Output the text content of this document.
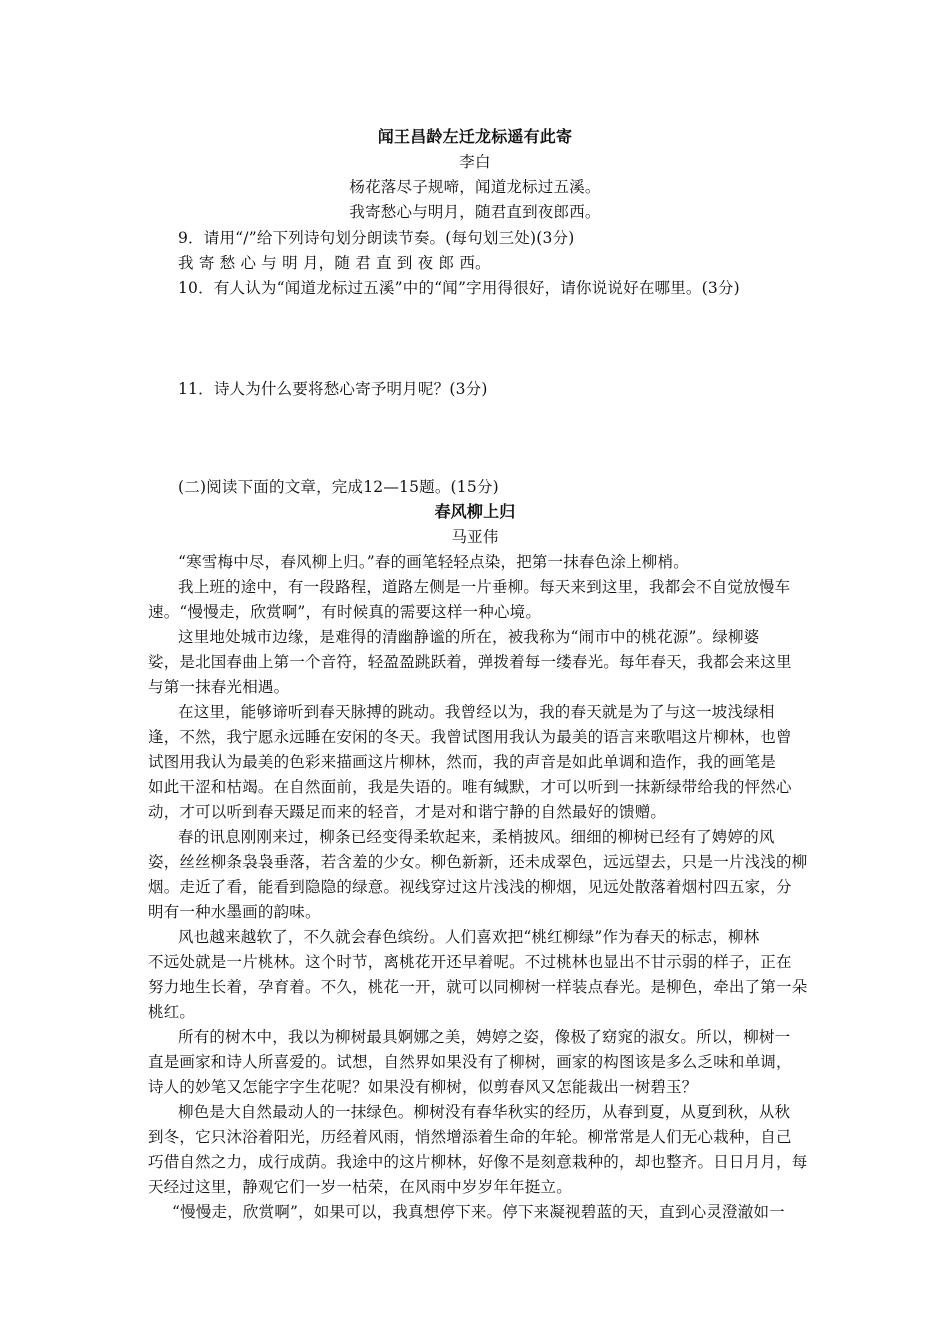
闻王昌龄左迁龙标遥有此寄
李白
杨花落尽子规啼，闻道龙标过五溪。
我寄愁心与明月，随君直到夜郎西。
9．请用“/”给下列诗句划分朗读节奏。(每句划三处)(3分)
我 寄 愁 心 与 明 月，随 君 直 到 夜 郎 西。
10．有人认为“闻道龙标过五溪”中的“闻”字用得很好，请你说说好在哪里。(3分)
11．诗人为什么要将愁心寄予明月呢？(3分)
(二)阅读下面的文章，完成12—15题。(15分)
春风柳上归
马亚伟
“寒雪梅中尽，春风柳上归。”春的画笔轻轻点染，把第一抹春色涂上柳梢。
我上班的途中，有一段路程，道路左侧是一片垂柳。每天来到这里，我都会不自觉放慢车
速。“慢慢走，欣赏啊”，有时候真的需要这样一种心境。
这里地处城市边缘，是难得的清幽静谧的所在，被我称为“闹市中的桃花源”。绿柳婆
娑，是北国春曲上第一个音符，轻盈盈跳跃着，弹拨着每一缕春光。每年春天，我都会来这里
与第一抹春光相遇。
在这里，能够谛听到春天脉搏的跳动。我曾经以为，我的春天就是为了与这一坡浅绿相
逢，不然，我宁愿永远睡在安闲的冬天。我曾试图用我认为最美的语言来歌唱这片柳林，也曾
试图用我认为最美的色彩来描画这片柳林，然而，我的声音是如此单调和造作，我的画笔是
如此干涩和枯竭。在自然面前，我是失语的。唯有缄默，才可以听到一抹新绿带给我的怦然心
动，才可以听到春天蹑足而来的轻音，才是对和谐宁静的自然最好的馈赠。
春的讯息刚刚来过，柳条已经变得柔软起来，柔梢披风。细细的柳树已经有了娉婷的风
姿，丝丝柳条袅袅垂落，若含羞的少女。柳色新新，还未成翠色，远远望去，只是一片浅浅的柳
烟。走近了看，能看到隐隐的绿意。视线穿过这片浅浅的柳烟，见远处散落着烟村四五家，分
明有一种水墨画的韵味。
风也越来越软了，不久就会春色缤纷。人们喜欢把“桃红柳绿”作为春天的标志，柳林
不远处就是一片桃林。这个时节，离桃花开还早着呢。不过桃林也显出不甘示弱的样子，正在
努力地生长着，孕育着。不久，桃花一开，就可以同柳树一样装点春光。是柳色，牵出了第一朵
桃红。
所有的树木中，我以为柳树最具婀娜之美，娉婷之姿，像极了窈窕的淑女。所以，柳树一
直是画家和诗人所喜爱的。试想，自然界如果没有了柳树，画家的构图该是多么乏味和单调，
诗人的妙笔又怎能字字生花呢？如果没有柳树，似剪春风又怎能裁出一树碧玉？
柳色是大自然最动人的一抹绿色。柳树没有春华秋实的经历，从春到夏，从夏到秋，从秋
到冬，它只沐浴着阳光，历经着风雨，悄然增添着生命的年轮。柳常常是人们无心栽种，自己
巧借自然之力，成行成荫。我途中的这片柳林，好像不是刻意栽种的，却也整齐。日日月月，每
天经过这里，静观它们一岁一枯荣，在风雨中岁岁年年挺立。
“慢慢走，欣赏啊”，如果可以，我真想停下来。停下来凝视碧蓝的天，直到心灵澄澈如一
